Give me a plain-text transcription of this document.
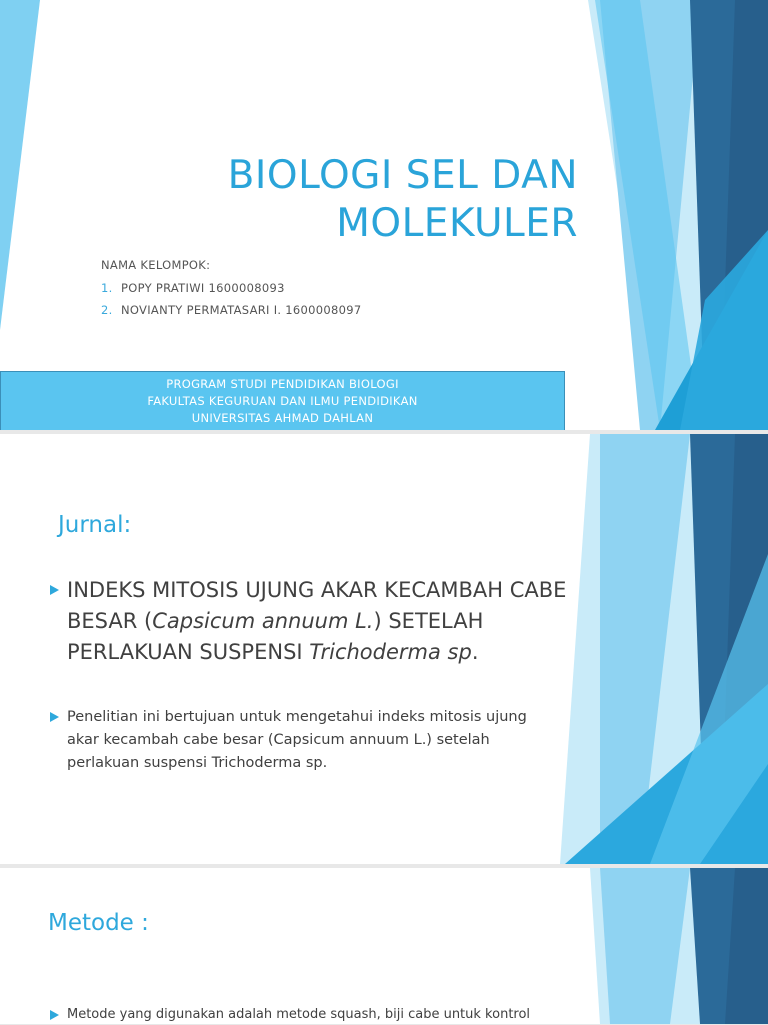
BIOLOGI SEL DAN
MOLEKULER
NAMA KELOMPOK:
1. POPY PRATIWI 1600008093
2. NOVIANTY PERMATASARI I. 1600008097
PROGRAM STUDI PENDIDIKAN BIOLOGI
FAKULTAS KEGURUAN DAN ILMU PENDIDIKAN
UNIVERSITAS AHMAD DAHLAN
Jurnal:
INDEKS MITOSIS UJUNG AKAR KECAMBAH CABE BESAR (Capsicum annuum L.) SETELAH PERLAKUAN SUSPENSI Trichoderma sp.
Penelitian ini bertujuan untuk mengetahui indeks mitosis ujung akar kecambah cabe besar (Capsicum annuum L.) setelah perlakuan suspensi Trichoderma sp.
Metode :
Metode yang digunakan adalah metode squash, biji cabe untuk kontrol
